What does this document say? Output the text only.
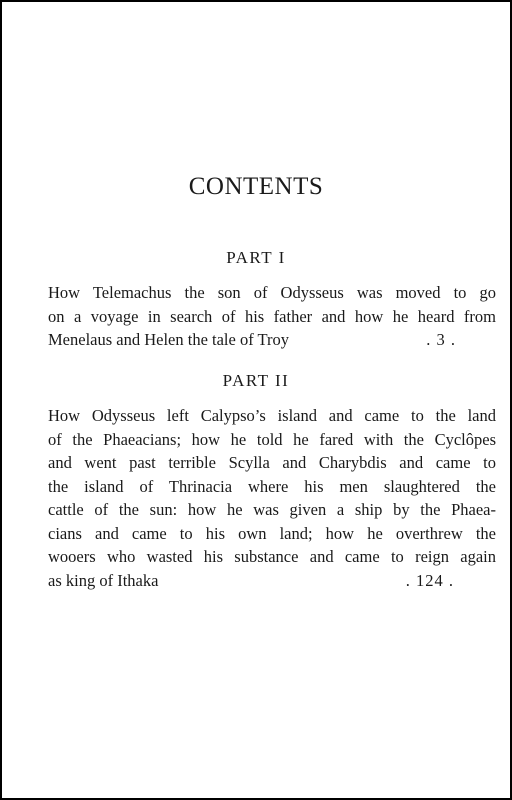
CONTENTS
PART I

How Telemachus the son of Odysseus was moved to go
on a voyage in search of his father and how he heard from
Menelaus and Helen the tale of Troy	. 3 .

PART II

How Odysseus left Calypso’s island and came to the land
of the Phaeacians; how he told he fared with the Cyclôpes
and went past terrible Scylla and Charybdis and came to
the island of Thrinacia where his men slaughtered the
cattle of the sun: how he was given a ship by the Phaea-
cians and came to his own land; how he overthrew the
wooers who wasted his substance and came to reign again
as king of Ithaka	. 124 .
